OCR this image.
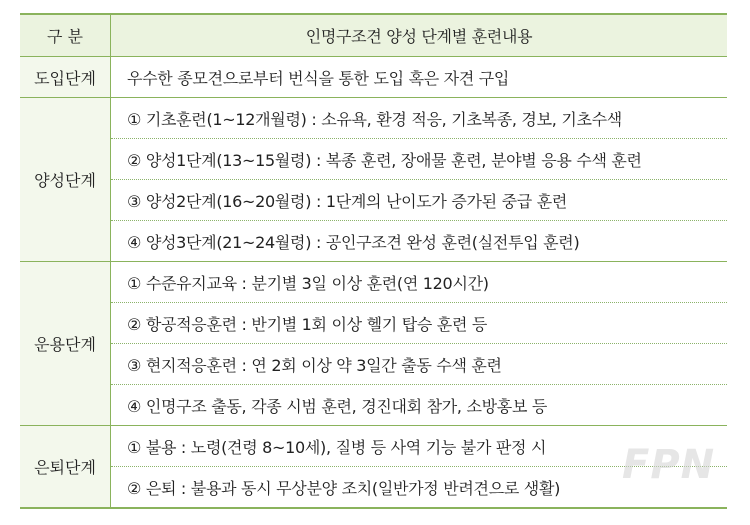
구 분	인명구조견 양성 단계별 훈련내용
도입단계	우수한 종모견으로부터 번식을 통한 도입 혹은 자견 구입
양성단계
① 기초훈련(1~12개월령) : 소유욕, 환경 적응, 기초복종, 경보, 기초수색
② 양성1단계(13~15월령) : 복종 훈련, 장애물 훈련, 분야별 응용 수색 훈련
③ 양성2단계(16~20월령) : 1단계의 난이도가 증가된 중급 훈련
④ 양성3단계(21~24월령) : 공인구조견 완성 훈련(실전투입 훈련)
운용단계
① 수준유지교육 : 분기별 3일 이상 훈련(연 120시간)
② 항공적응훈련 : 반기별 1회 이상 헬기 탑승 훈련 등
③ 현지적응훈련 : 연 2회 이상 약 3일간 출동 수색 훈련
④ 인명구조 출동, 각종 시범 훈련, 경진대회 참가, 소방홍보 등
은퇴단계
① 불용 : 노령(견령 8~10세), 질병 등 사역 기능 불가 판정 시
② 은퇴 : 불용과 동시 무상분양 조치(일반가정 반려견으로 생활)	FPN
